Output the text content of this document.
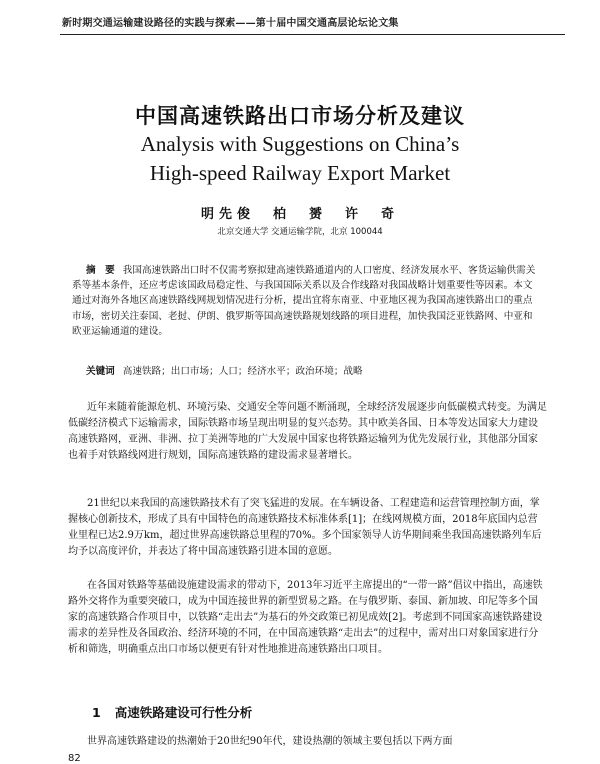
新时期交通运输建设路径的实践与探索——第十届中国交通高层论坛论文集
中国高速铁路出口市场分析及建议
Analysis with Suggestions on China’s
High-speed Railway Export Market
明先俊　柏　赟　许　奇
北京交通大学 交通运输学院，北京 100044
摘　要 我国高速铁路出口时不仅需考察拟建高速铁路通道内的人口密度、经济发展水平、客货运输供需关系等基本条件，还应考虑该国政局稳定性、与我国国际关系以及合作线路对我国战略计划重要性等因素。本文通过对海外各地区高速铁路线网规划情况进行分析，提出宜将东南亚、中亚地区视为我国高速铁路出口的重点市场，密切关注泰国、老挝、伊朗、俄罗斯等国高速铁路规划线路的项目进程，加快我国泛亚铁路网、中亚和欧亚运输通道的建设。
关键词 高速铁路；出口市场；人口；经济水平；政治环境；战略
近年来随着能源危机、环境污染、交通安全等问题不断涌现，全球经济发展逐步向低碳模式转变。为满足低碳经济模式下运输需求，国际铁路市场呈现出明显的复兴态势。其中欧美各国、日本等发达国家大力建设高速铁路网，亚洲、非洲、拉丁美洲等地的广大发展中国家也将铁路运输列为优先发展行业，其他部分国家也着手对铁路线网进行规划，国际高速铁路的建设需求显著增长。
21世纪以来我国的高速铁路技术有了突飞猛进的发展。在车辆设备、工程建造和运营管理控制方面，掌握核心创新技术，形成了具有中国特色的高速铁路技术标准体系[1]；在线网规模方面，2018年底国内总营业里程已达2.9万km，超过世界高速铁路总里程的70%。多个国家领导人访华期间乘坐我国高速铁路列车后均予以高度评价，并表达了将中国高速铁路引进本国的意愿。
在各国对铁路等基础设施建设需求的带动下，2013年习近平主席提出的“一带一路”倡议中指出，高速铁路外交将作为重要突破口，成为中国连接世界的新型贸易之路。在与俄罗斯、泰国、新加坡、印尼等多个国家的高速铁路合作项目中，以铁路“走出去”为基石的外交政策已初见成效[2]。考虑到不同国家高速铁路建设需求的差异性及各国政治、经济环境的不同，在中国高速铁路“走出去”的过程中，需对出口对象国家进行分析和筛选，明确重点出口市场以便更有针对性地推进高速铁路出口项目。
1 高速铁路建设可行性分析
世界高速铁路建设的热潮始于20世纪90年代，建设热潮的领域主要包括以下两方面
82
